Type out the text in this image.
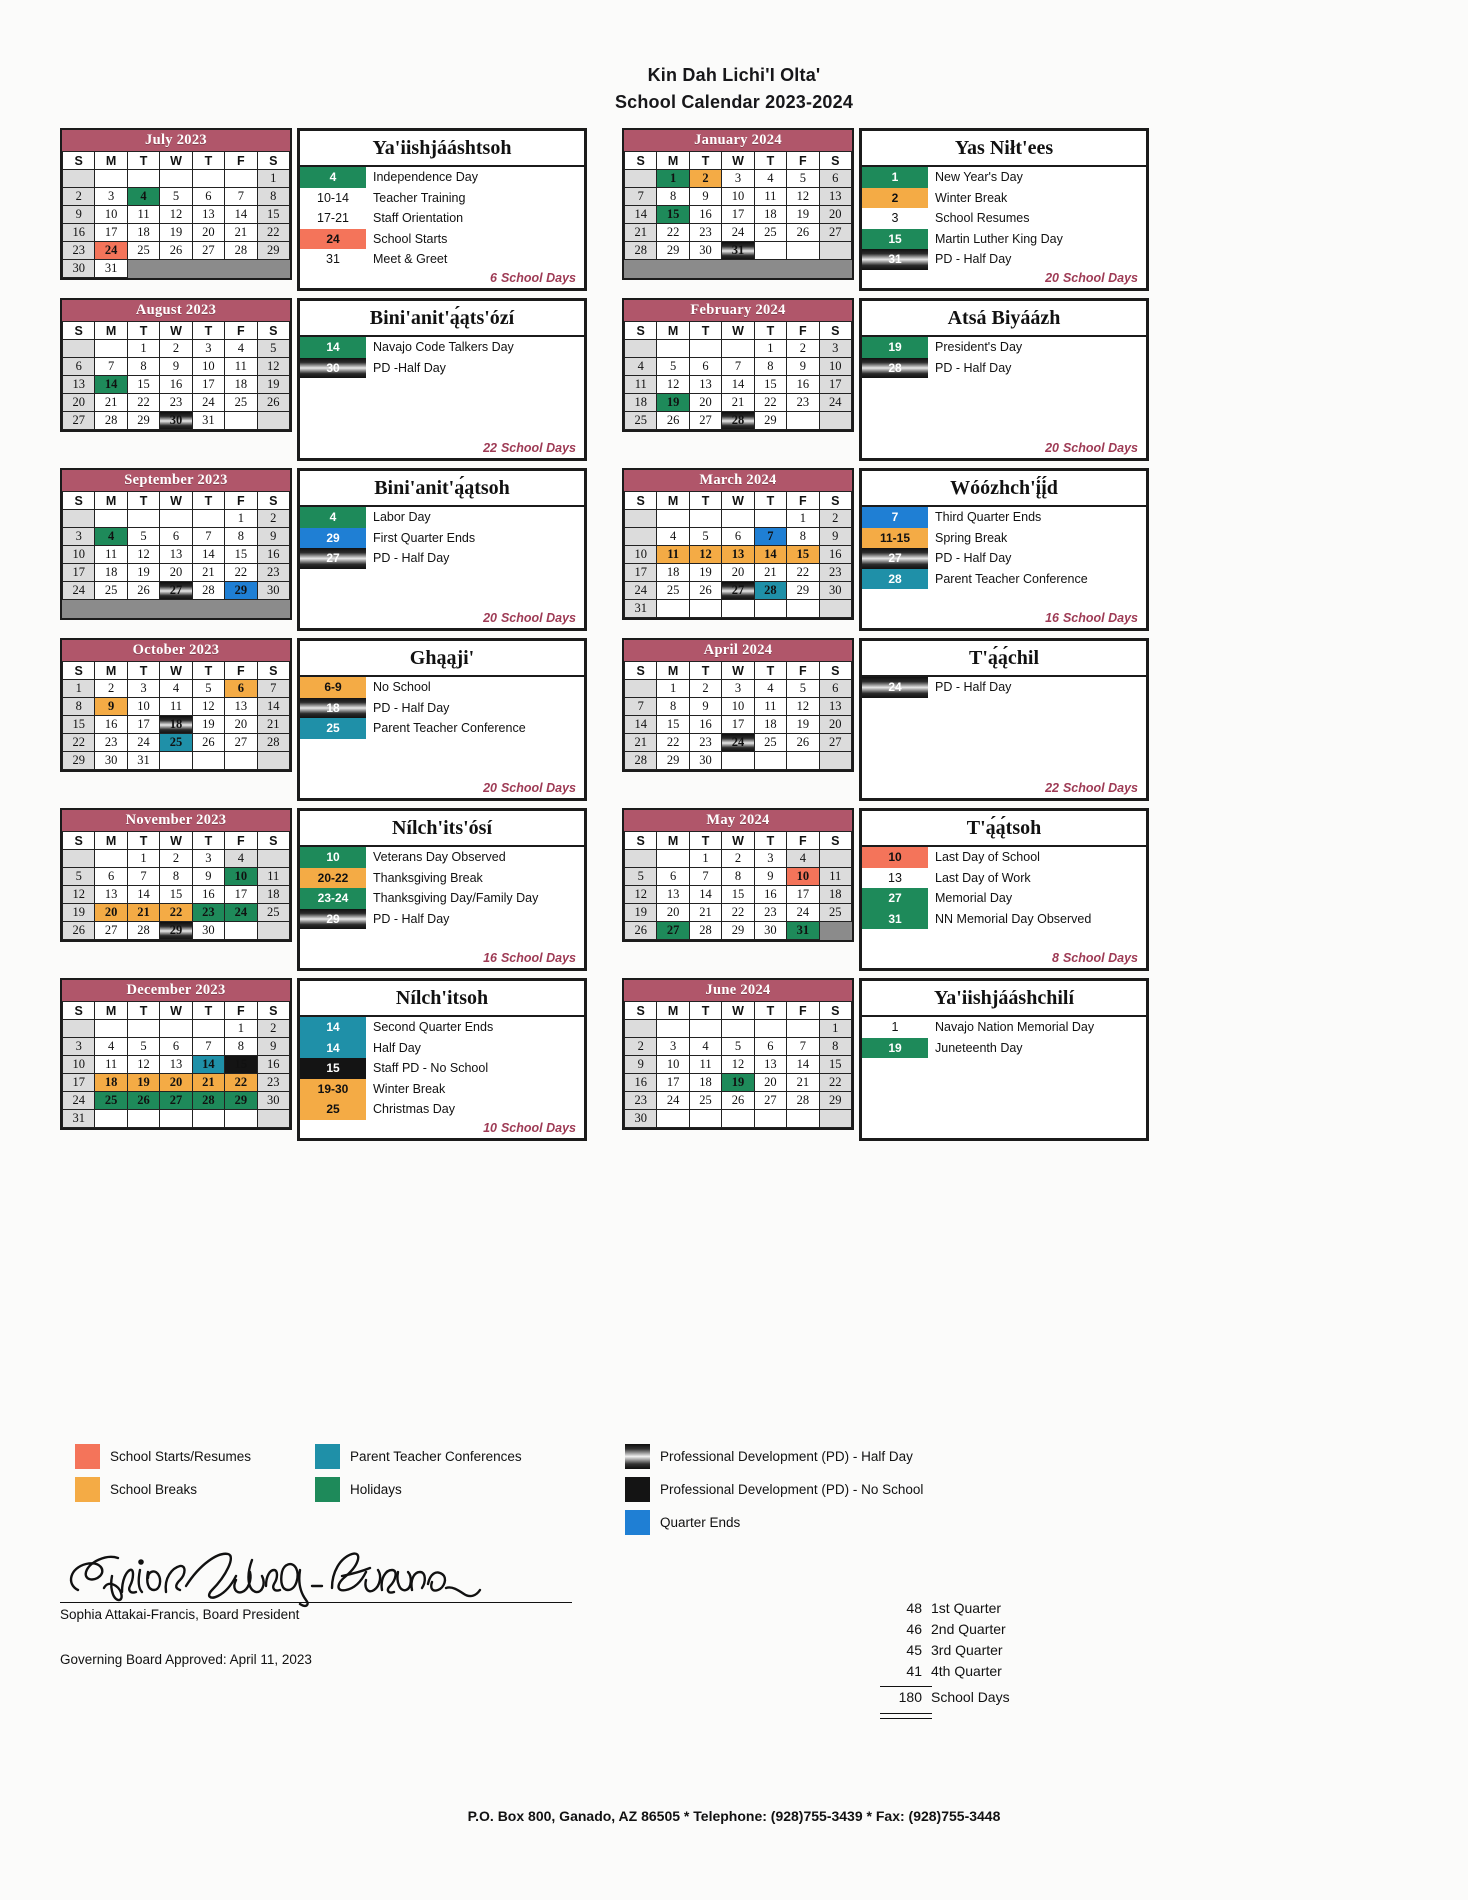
Kin Dah Lichi'I Olta'
School Calendar 2023-2024
July 2023
S	M	T	W	T	F	S
						1
2	3	4	5	6	7	8
9	10	11	12	13	14	15
16	17	18	19	20	21	22
23	24	25	26	27	28	29
30	31					
Ya'iishjááshtsoh
4	Independence Day
10-14	Teacher Training
17-21	Staff Orientation
24	School Starts
31	Meet & Greet
6 School Days
August 2023
S	M	T	W	T	F	S
		1	2	3	4	5
6	7	8	9	10	11	12
13	14	15	16	17	18	19
20	21	22	23	24	25	26
27	28	29	30	31		
Bini'anit'ą́ąts'ózí
14	Navajo Code Talkers Day
30	PD -Half Day
22 School Days
September 2023
S	M	T	W	T	F	S
					1	2
3	4	5	6	7	8	9
10	11	12	13	14	15	16
17	18	19	20	21	22	23
24	25	26	27	28	29	30

Bini'anit'ą́ątsoh
4	Labor Day
29	First Quarter Ends
27	PD - Half Day
20 School Days
October 2023
S	M	T	W	T	F	S
1	2	3	4	5	6	7
8	9	10	11	12	13	14
15	16	17	18	19	20	21
22	23	24	25	26	27	28
29	30	31				
Ghąąji'
6-9	No School
18	PD - Half Day
25	Parent Teacher Conference
20 School Days
November 2023
S	M	T	W	T	F	S
		1	2	3	4	
5	6	7	8	9	10	11
12	13	14	15	16	17	18
19	20	21	22	23	24	25
26	27	28	29	30		
Nílch'its'ósí
10	Veterans Day Observed
20-22	Thanksgiving Break
23-24	Thanksgiving Day/Family Day
29	PD - Half Day
16 School Days
December 2023
S	M	T	W	T	F	S
					1	2
3	4	5	6	7	8	9
10	11	12	13	14	15	16
17	18	19	20	21	22	23
24	25	26	27	28	29	30
31						
Nílch'itsoh
14	Second Quarter Ends
14	Half Day
15	Staff PD - No School
19-30	Winter Break
25	Christmas Day
10 School Days
January 2024
S	M	T	W	T	F	S
	1	2	3	4	5	6
7	8	9	10	11	12	13
14	15	16	17	18	19	20
21	22	23	24	25	26	27
28	29	30	31			

Yas Niłt'ees
1	New Year's Day
2	Winter Break
3	School Resumes
15	Martin Luther King Day
31	PD - Half Day
20 School Days
February 2024
S	M	T	W	T	F	S
				1	2	3
4	5	6	7	8	9	10
11	12	13	14	15	16	17
18	19	20	21	22	23	24
25	26	27	28	29		
Atsá Biyáázh
19	President's Day
28	PD - Half Day
20 School Days
March 2024
S	M	T	W	T	F	S
					1	2
	4	5	6	7	8	9
10	11	12	13	14	15	16
17	18	19	20	21	22	23
24	25	26	27	28	29	30
31						
Wóózhch'į́į́d
7	Third Quarter Ends
11-15	Spring Break
27	PD - Half Day
28	Parent Teacher Conference
16 School Days
April 2024
S	M	T	W	T	F	S
	1	2	3	4	5	6
7	8	9	10	11	12	13
14	15	16	17	18	19	20
21	22	23	24	25	26	27
28	29	30				
T'ą́ą́chil
24	PD - Half Day
22 School Days
May 2024
S	M	T	W	T	F	S
		1	2	3	4	
5	6	7	8	9	10	11
12	13	14	15	16	17	18
19	20	21	22	23	24	25
26	27	28	29	30	31	
T'ą́ą́tsoh
10	Last Day of School
13	Last Day of Work
27	Memorial Day
31	NN Memorial Day Observed
8 School Days
June 2024
S	M	T	W	T	F	S
						1
2	3	4	5	6	7	8
9	10	11	12	13	14	15
16	17	18	19	20	21	22
23	24	25	26	27	28	29
30						
Ya'iishjááshchilí
1	Navajo Nation Memorial Day
19	Juneteenth Day
School Starts/Resumes
School Breaks
Parent Teacher Conferences
Holidays
Professional Development (PD) - Half Day
Professional Development (PD) - No School
Quarter Ends
Sophia Attakai-Francis, Board President
Governing Board Approved: April 11, 2023
48 1st Quarter
46 2nd Quarter
45 3rd Quarter
41 4th Quarter
180 School Days
P.O. Box 800, Ganado, AZ 86505 * Telephone: (928)755-3439 * Fax: (928)755-3448
